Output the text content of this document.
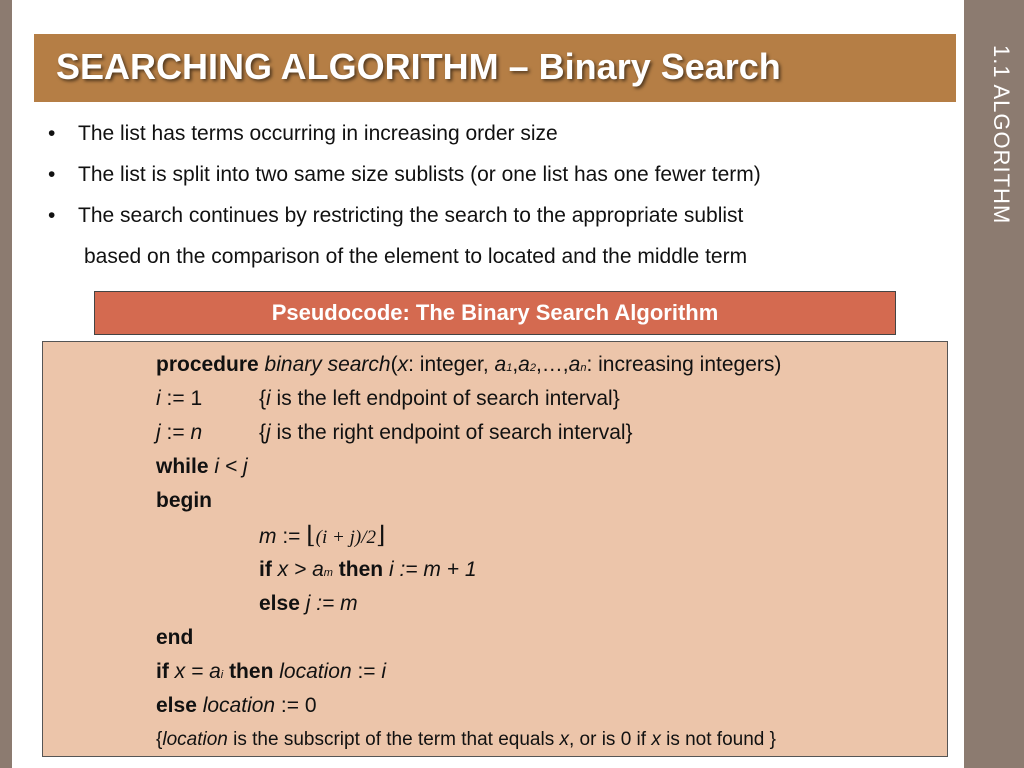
1.1 ALGORITHM
SEARCHING ALGORITHM – Binary Search
• The list has terms occurring in increasing order size
• The list is split into two same size sublists (or one list has one fewer term)
• The search continues by restricting the search to the appropriate sublist
based on the comparison of the element to located and the middle term
Pseudocode: The Binary Search Algorithm
procedure binary search(x: integer, a1,a2,…,an: increasing integers)
i := 1	{i is the left endpoint of search interval}
j := n	{j is the right endpoint of search interval}
while i < j
begin
m := ⌊(i + j)/2⌋
if x > am then i := m + 1
else j := m
end
if x = ai then location := i
else location := 0
{location is the subscript of the term that equals x, or is 0 if x is not found }
